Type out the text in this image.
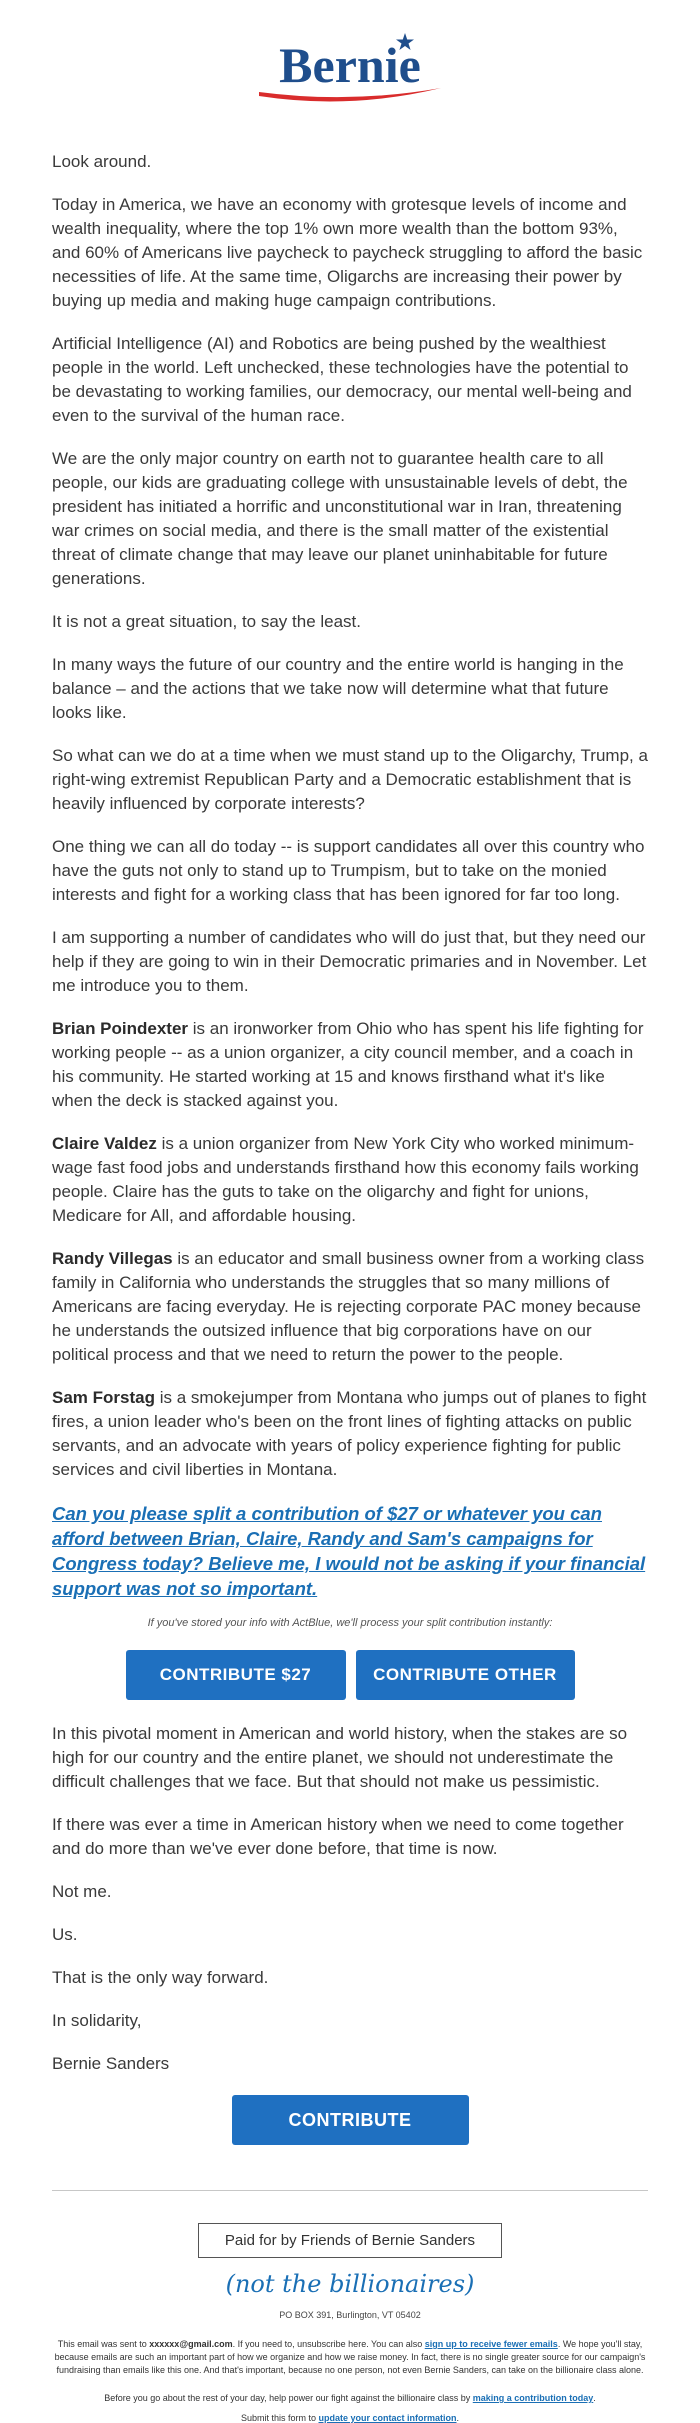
Bernie

Look around.

Today in America, we have an economy with grotesque levels of income and wealth inequality, where the top 1% own more wealth than the bottom 93%, and 60% of Americans live paycheck to paycheck struggling to afford the basic necessities of life. At the same time, Oligarchs are increasing their power by buying up media and making huge campaign contributions.

Artificial Intelligence (AI) and Robotics are being pushed by the wealthiest people in the world. Left unchecked, these technologies have the potential to be devastating to working families, our democracy, our mental well-being and even to the survival of the human race.

We are the only major country on earth not to guarantee health care to all people, our kids are graduating college with unsustainable levels of debt, the president has initiated a horrific and unconstitutional war in Iran, threatening war crimes on social media, and there is the small matter of the existential threat of climate change that may leave our planet uninhabitable for future generations.

It is not a great situation, to say the least.

In many ways the future of our country and the entire world is hanging in the balance – and the actions that we take now will determine what that future looks like.

So what can we do at a time when we must stand up to the Oligarchy, Trump, a right-wing extremist Republican Party and a Democratic establishment that is heavily influenced by corporate interests?

One thing we can all do today -- is support candidates all over this country who have the guts not only to stand up to Trumpism, but to take on the monied interests and fight for a working class that has been ignored for far too long.

I am supporting a number of candidates who will do just that, but they need our help if they are going to win in their Democratic primaries and in November. Let me introduce you to them.

Brian Poindexter is an ironworker from Ohio who has spent his life fighting for working people -- as a union organizer, a city council member, and a coach in his community. He started working at 15 and knows firsthand what it's like when the deck is stacked against you.

Claire Valdez is a union organizer from New York City who worked minimum-wage fast food jobs and understands firsthand how this economy fails working people. Claire has the guts to take on the oligarchy and fight for unions, Medicare for All, and affordable housing.

Randy Villegas is an educator and small business owner from a working class family in California who understands the struggles that so many millions of Americans are facing everyday. He is rejecting corporate PAC money because he understands the outsized influence that big corporations have on our political process and that we need to return the power to the people.

Sam Forstag is a smokejumper from Montana who jumps out of planes to fight fires, a union leader who's been on the front lines of fighting attacks on public servants, and an advocate with years of policy experience fighting for public services and civil liberties in Montana.

Can you please split a contribution of $27 or whatever you can afford between Brian, Claire, Randy and Sam's campaigns for Congress today? Believe me, I would not be asking if your financial support was not so important.
If you've stored your info with ActBlue, we'll process your split contribution instantly:
CONTRIBUTE $27	CONTRIBUTE OTHER

In this pivotal moment in American and world history, when the stakes are so high for our country and the entire planet, we should not underestimate the difficult challenges that we face. But that should not make us pessimistic.

If there was ever a time in American history when we need to come together and do more than we've ever done before, that time is now.

Not me.

Us.

That is the only way forward.

In solidarity,

Bernie Sanders

CONTRIBUTE
Paid for by Friends of Bernie Sanders
(not the billionaires)
PO BOX 391, Burlington, VT 05402
This email was sent to xxxxxx@gmail.com. If you need to, unsubscribe here. You can also sign up to receive fewer emails. We hope you'll stay, because emails are such an important part of how we organize and how we raise money. In fact, there is no single greater source for our campaign's fundraising than emails like this one. And that's important, because no one person, not even Bernie Sanders, can take on the billionaire class alone.
Before you go about the rest of your day, help power our fight against the billionaire class by making a contribution today.
Submit this form to update your contact information.
